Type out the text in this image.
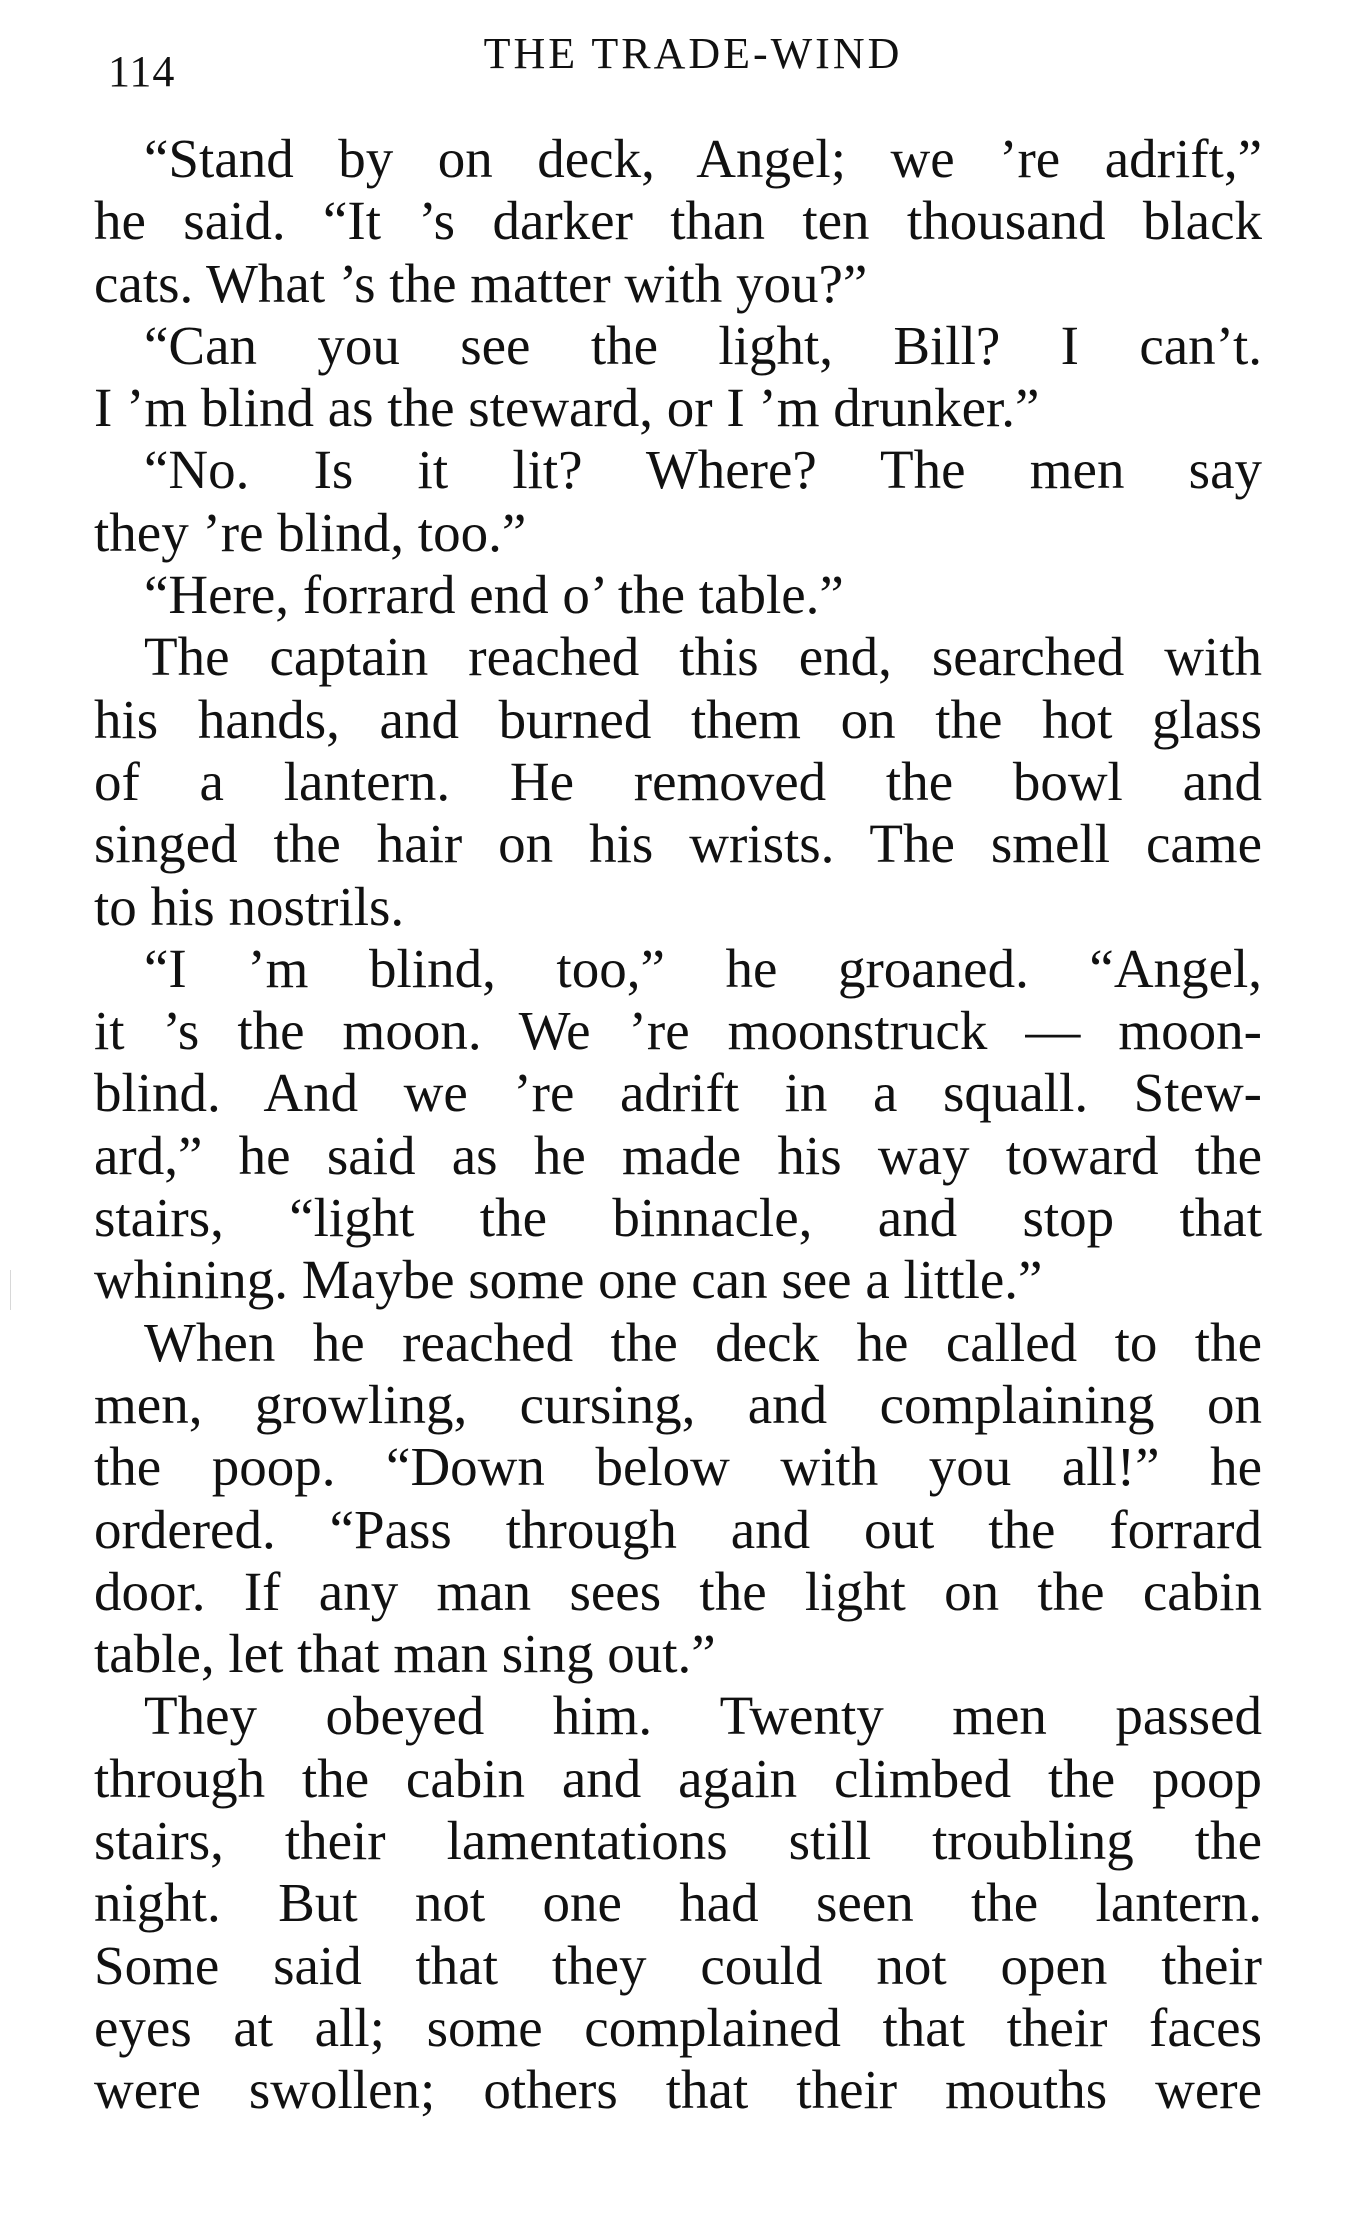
114	THE TRADE-WIND
“Stand by on deck, Angel; we ’re adrift,”
he said. “It ’s darker than ten thousand black
cats. What ’s the matter with you?”
“Can you see the light, Bill? I can’t.
I ’m blind as the steward, or I ’m drunker.”
“No. Is it lit? Where? The men say
they ’re blind, too.”
“Here, forrard end o’ the table.”
The captain reached this end, searched with
his hands, and burned them on the hot glass
of a lantern. He removed the bowl and
singed the hair on his wrists. The smell came
to his nostrils.
“I ’m blind, too,” he groaned. “Angel,
it ’s the moon. We ’re moonstruck — moon-
blind. And we ’re adrift in a squall. Stew-
ard,” he said as he made his way toward the
stairs, “light the binnacle, and stop that
whining. Maybe some one can see a little.”
When he reached the deck he called to the
men, growling, cursing, and complaining on
the poop. “Down below with you all!” he
ordered. “Pass through and out the forrard
door. If any man sees the light on the cabin
table, let that man sing out.”
They obeyed him. Twenty men passed
through the cabin and again climbed the poop
stairs, their lamentations still troubling the
night. But not one had seen the lantern.
Some said that they could not open their
eyes at all; some complained that their faces
were swollen; others that their mouths were
